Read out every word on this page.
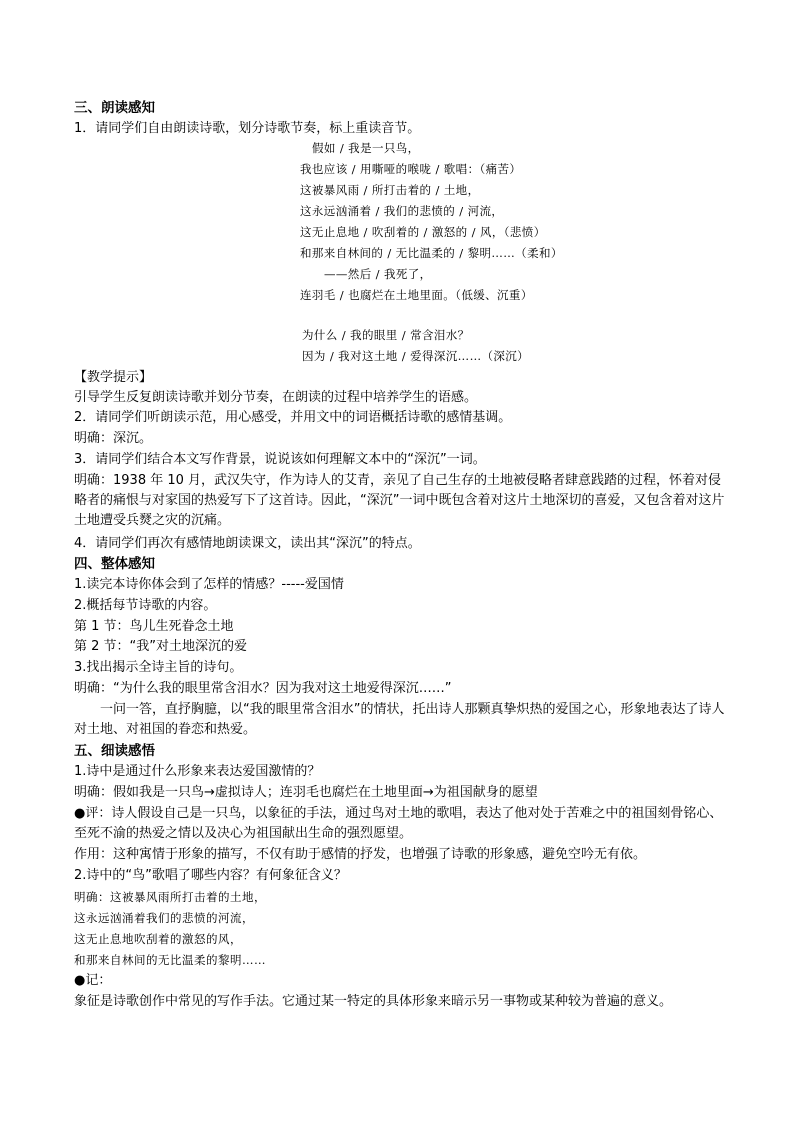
三、朗读感知
1．请同学们自由朗读诗歌，划分诗歌节奏，标上重读音节。
假如 / 我是一只鸟，
我也应该 / 用嘶哑的喉咙 / 歌唱：（痛苦）
这被暴风雨 / 所打击着的 / 土地，
这永远汹涌着 / 我们的悲愤的 / 河流，
这无止息地 / 吹刮着的 / 激怒的 / 风，（悲愤）
和那来自林间的 / 无比温柔的 / 黎明……（柔和）
——然后 / 我死了，
连羽毛 / 也腐烂在土地里面。（低缓、沉重）
为什么 / 我的眼里 / 常含泪水？
因为 / 我对这土地 / 爱得深沉……（深沉）
【教学提示】
引导学生反复朗读诗歌并划分节奏，在朗读的过程中培养学生的语感。
2．请同学们听朗读示范，用心感受，并用文中的词语概括诗歌的感情基调。
明确：深沉。
3．请同学们结合本文写作背景，说说该如何理解文本中的“深沉”一词。
明确：1938 年 10 月，武汉失守，作为诗人的艾青，亲见了自己生存的土地被侵略者肆意践踏的过程，怀着对侵略者的痛恨与对家国的热爱写下了这首诗。因此，“深沉”一词中既包含着对这片土地深切的喜爱，又包含着对这片土地遭受兵燹之灾的沉痛。
4．请同学们再次有感情地朗读课文，读出其“深沉”的特点。
四、整体感知
1.读完本诗你体会到了怎样的情感？-----爱国情
2.概括每节诗歌的内容。
第 1 节：鸟儿生死眷念土地
第 2 节：“我”对土地深沉的爱
3.找出揭示全诗主旨的诗句。
明确：“为什么我的眼里常含泪水？因为我对这土地爱得深沉……”
一问一答，直抒胸臆，以“我的眼里常含泪水”的情状，托出诗人那颗真挚炽热的爱国之心，形象地表达了诗人对土地、对祖国的眷恋和热爱。
五、细读感悟
1.诗中是通过什么形象来表达爱国激情的？
明确：假如我是一只鸟→虚拟诗人；连羽毛也腐烂在土地里面→为祖国献身的愿望
●评：诗人假设自己是一只鸟，以象征的手法，通过鸟对土地的歌唱，表达了他对处于苦难之中的祖国刻骨铭心、至死不渝的热爱之情以及决心为祖国献出生命的强烈愿望。
作用：这种寓情于形象的描写，不仅有助于感情的抒发，也增强了诗歌的形象感，避免空吟无有依。
2.诗中的“鸟”歌唱了哪些内容？有何象征含义？
明确：这被暴风雨所打击着的土地，
这永远汹涌着我们的悲愤的河流，
这无止息地吹刮着的激怒的风，
和那来自林间的无比温柔的黎明……
●记：
象征是诗歌创作中常见的写作手法。它通过某一特定的具体形象来暗示另一事物或某种较为普遍的意义。
